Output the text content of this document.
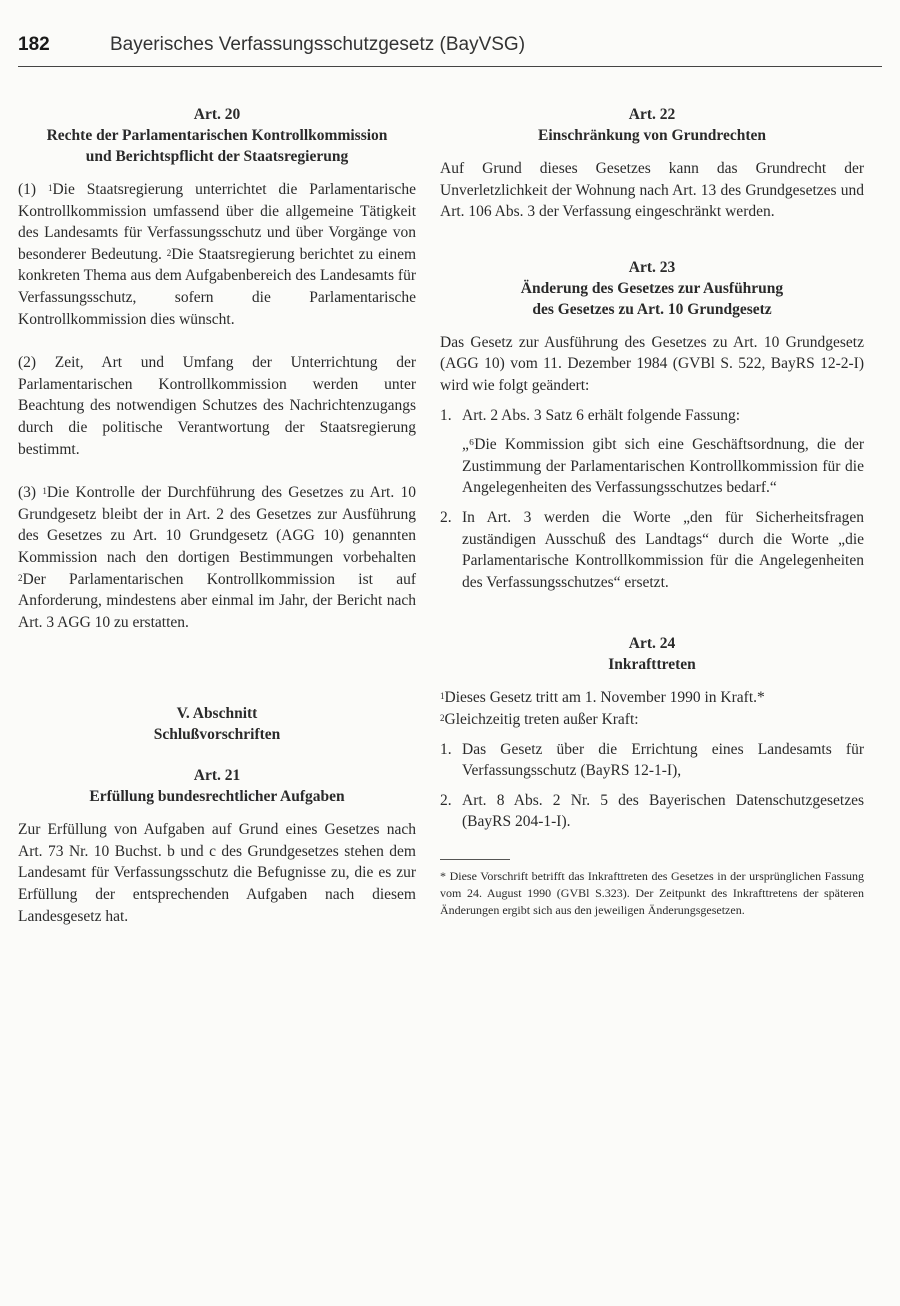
182	Bayerisches Verfassungsschutzgesetz (BayVSG)

Art. 20

Rechte der Parlamentarischen Kontrollkommission

und Berichtspflicht der Staatsregierung

(1) $^1$Die Staatsregierung unterrichtet die Parlamentarische Kontrollkommission umfassend über die allgemeine Tätigkeit des Landesamts für Verfassungsschutz und über Vorgänge von besonderer Bedeutung. $^2$Die Staatsregierung berichtet zu einem konkreten Thema aus dem Aufgabenbereich des Landesamts für Verfassungsschutz, sofern die Parlamentarische Kontrollkommission dies wünscht.

(2) Zeit, Art und Umfang der Unterrichtung der Parlamentarischen Kontrollkommission werden unter Beachtung des notwendigen Schutzes des Nachrichtenzugangs durch die politische Verantwortung der Staatsregierung bestimmt.

(3) $^1$Die Kontrolle der Durchführung des Gesetzes zu Art. 10 Grundgesetz bleibt der in Art. 2 des Gesetzes zur Ausführung des Gesetzes zu Art. 10 Grundgesetz (AGG 10) genannten Kommission nach den dortigen Bestimmungen vorbehalten $^2$Der Parlamentarischen Kontrollkommission ist auf Anforderung, mindestens aber einmal im Jahr, der Bericht nach Art. 3 AGG 10 zu erstatten.

V. Abschnitt

Schlußvorschriften

Art. 21

Erfüllung bundesrechtlicher Aufgaben

Zur Erfüllung von Aufgaben auf Grund eines Gesetzes nach Art. 73 Nr. 10 Buchst. b und c des Grundgesetzes stehen dem Landesamt für Verfassungsschutz die Befugnisse zu, die es zur Erfüllung der entsprechenden Aufgaben nach diesem Landesgesetz hat.

Art. 22

Einschränkung von Grundrechten

Auf Grund dieses Gesetzes kann das Grundrecht der Unverletzlichkeit der Wohnung nach Art. 13 des Grundgesetzes und Art. 106 Abs. 3 der Verfassung eingeschränkt werden.

Art. 23

Änderung des Gesetzes zur Ausführung

des Gesetzes zu Art. 10 Grundgesetz

Das Gesetz zur Ausführung des Gesetzes zu Art. 10 Grundgesetz (AGG 10) vom 11. Dezember 1984 (GVBl S. 522, BayRS 12-2-I) wird wie folgt geändert:

1. Art. 2 Abs. 3 Satz 6 erhält folgende Fassung:

„⁶Die Kommission gibt sich eine Geschäftsordnung, die der Zustimmung der Parlamentarischen Kontrollkommission für die Angelegenheiten des Verfassungsschutzes bedarf.“

2. In Art. 3 werden die Worte „den für Sicherheitsfragen zuständigen Ausschuß des Landtags“ durch die Worte „die Parlamentarische Kontrollkommission für die Angelegenheiten des Verfassungsschutzes“ ersetzt.

Art. 24

Inkrafttreten

$^1$Dieses Gesetz tritt am 1. November 1990 in Kraft.*

$^2$Gleichzeitig treten außer Kraft:

1. Das Gesetz über die Errichtung eines Landesamts für Verfassungsschutz (BayRS 12-1-I),
2. Art. 8 Abs. 2 Nr. 5 des Bayerischen Datenschutzgesetzes (BayRS 204-1-I).

* Diese Vorschrift betrifft das Inkrafttreten des Gesetzes in der ursprünglichen Fassung vom 24. August 1990 (GVBl S.323). Der Zeitpunkt des Inkrafttretens der späteren Änderungen ergibt sich aus den jeweiligen Änderungsgesetzen.
